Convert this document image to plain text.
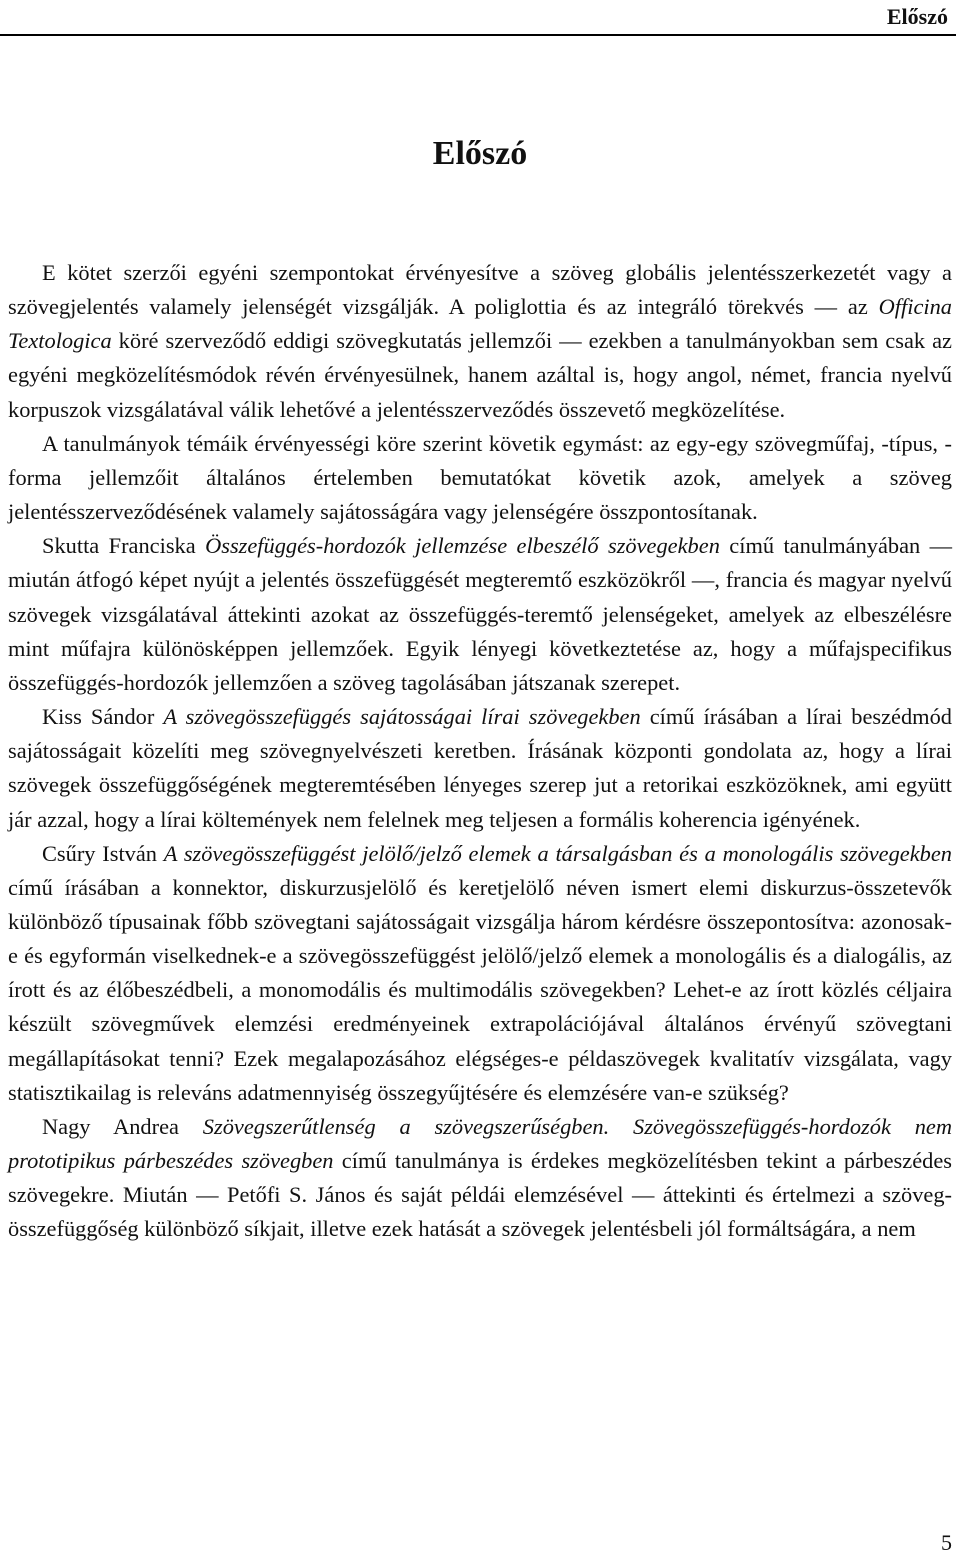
Előszó
Előszó

E kötet szerzői egyéni szempontokat érvényesítve a szöveg globális jelentésszerkezetét vagy a szövegjelentés valamely jelenségét vizsgálják. A poliglottia és az integráló törekvés — az Officina Textologica köré szerveződő eddigi szövegkutatás jellemzői — ezekben a tanulmányokban sem csak az egyéni megközelítésmódok révén érvényesülnek, hanem azáltal is, hogy angol, német, francia nyelvű korpuszok vizsgálatával válik lehetővé a jelentésszerveződés összevető megközelítése.

A tanulmányok témáik érvényességi köre szerint követik egymást: az egy-egy szövegműfaj, -típus, -forma jellemzőit általános értelemben bemutatókat követik azok, amelyek a szöveg jelentésszerveződésének valamely sajátosságára vagy jelenségére összpontosítanak.

Skutta Franciska Összefüggés-hordozók jellemzése elbeszélő szövegekben című tanulmányában — miután átfogó képet nyújt a jelentés összefüggését megteremtő eszközökről —, francia és magyar nyelvű szövegek vizsgálatával áttekinti azokat az összefüggés-teremtő jelenségeket, amelyek az elbeszélésre mint műfajra különösképpen jellemzőek. Egyik lényegi következtetése az, hogy a műfajspecifikus összefüggés-hordozók jellemzően a szöveg tagolásában játszanak szerepet.

Kiss Sándor A szövegösszefüggés sajátosságai lírai szövegekben című írásában a lírai beszédmód sajátosságait közelíti meg szövegnyelvészeti keretben. Írásának központi gondolata az, hogy a lírai szövegek összefüggőségének megteremtésében lényeges szerep jut a retorikai eszközöknek, ami együtt jár azzal, hogy a lírai költemények nem felelnek meg teljesen a formális koherencia igényének.

Csűry István A szövegösszefüggést jelölő/jelző elemek a társalgásban és a monologális szövegekben című írásában a konnektor, diskurzusjelölő és keretjelölő néven ismert elemi diskurzus-összetevők különböző típusainak főbb szövegtani sajátosságait vizsgálja három kérdésre összepontosítva: azonosak-e és egyformán viselkednek-e a szövegösszefüggést jelölő/jelző elemek a monologális és a dialogális, az írott és az élőbeszédbeli, a monomodális és multimodális szövegekben? Lehet-e az írott közlés céljaira készült szövegművek elemzési eredményeinek extrapolációjával általános érvényű szövegtani megállapításokat tenni? Ezek megalapozásához elégséges-e példaszövegek kvalitatív vizsgálata, vagy statisztikailag is releváns adatmennyiség összegyűjtésére és elemzésére van-e szükség?

Nagy Andrea Szövegszerűtlenség a szövegszerűségben. Szövegösszefüggés-hordozók nem prototipikus párbeszédes szövegben című tanulmánya is érdekes megközelítésben tekint a párbeszédes szövegekre. Miután — Petőfi S. János és saját példái elemzésével — áttekinti és értelmezi a szöveg-összefüggőség különböző síkjait, illetve ezek hatását a szövegek jelentésbeli jól formáltságára, a nem

5
